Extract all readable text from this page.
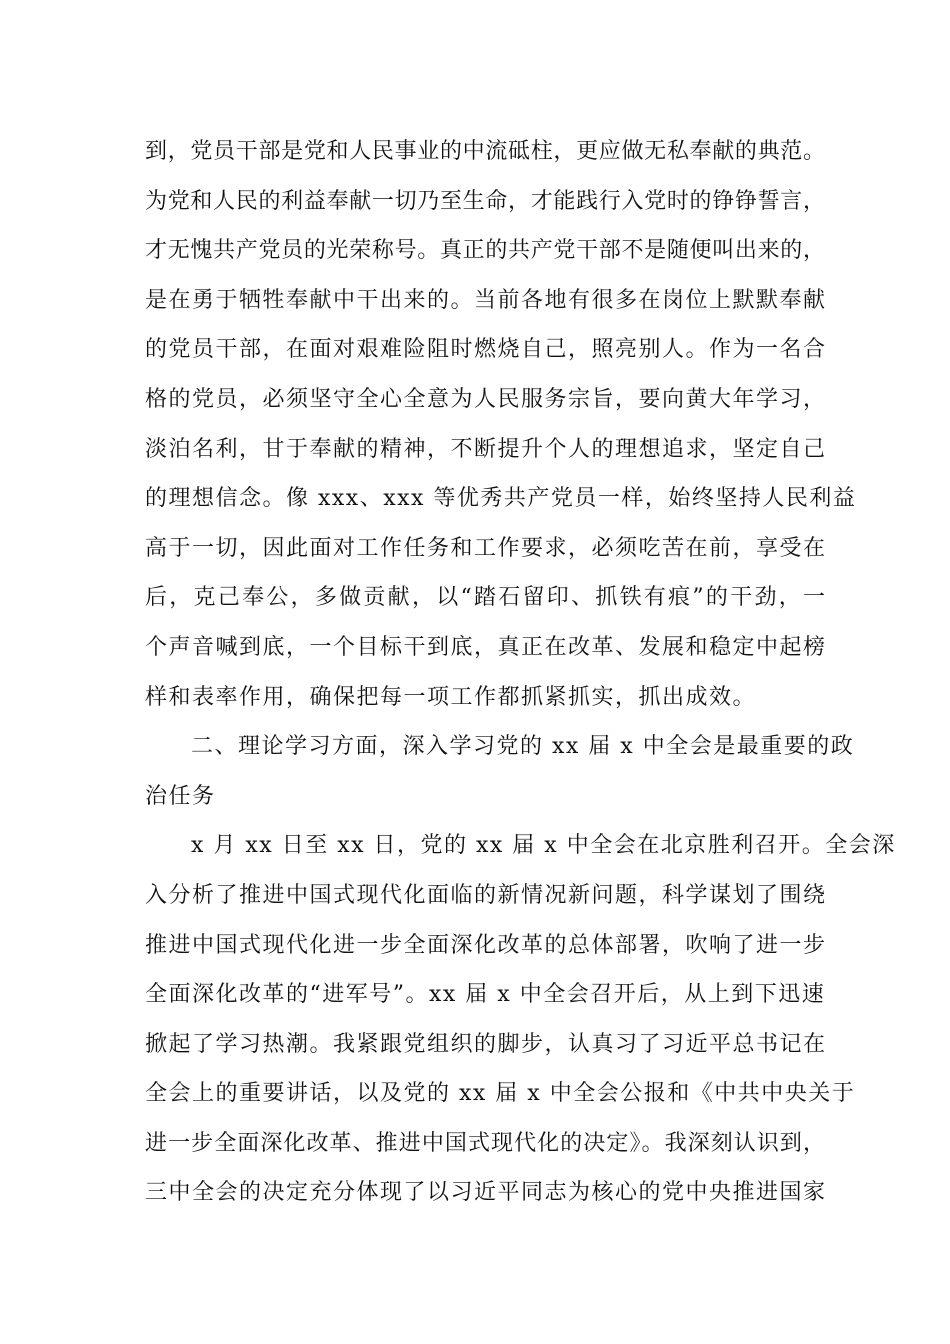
到，党员干部是党和人民事业的中流砥柱，更应做无私奉献的典范。
为党和人民的利益奉献一切乃至生命，才能践行入党时的铮铮誓言，
才无愧共产党员的光荣称号。真正的共产党干部不是随便叫出来的，
是在勇于牺牲奉献中干出来的。当前各地有很多在岗位上默默奉献
的党员干部，在面对艰难险阻时燃烧自己，照亮别人。作为一名合
格的党员，必须坚守全心全意为人民服务宗旨，要向黄大年学习，
淡泊名利，甘于奉献的精神，不断提升个人的理想追求，坚定自己
的理想信念。像 xxx、xxx 等优秀共产党员一样，始终坚持人民利益
高于一切，因此面对工作任务和工作要求，必须吃苦在前，享受在
后，克己奉公，多做贡献，以“踏石留印、抓铁有痕”的干劲，一
个声音喊到底，一个目标干到底，真正在改革、发展和稳定中起榜
样和表率作用，确保把每一项工作都抓紧抓实，抓出成效。
二、理论学习方面，深入学习党的 xx 届 x 中全会是最重要的政
治任务
x 月 xx 日至 xx 日，党的 xx 届 x 中全会在北京胜利召开。全会深
入分析了推进中国式现代化面临的新情况新问题，科学谋划了围绕
推进中国式现代化进一步全面深化改革的总体部署，吹响了进一步
全面深化改革的“进军号”。xx 届 x 中全会召开后，从上到下迅速
掀起了学习热潮。我紧跟党组织的脚步，认真习了习近平总书记在
全会上的重要讲话，以及党的 xx 届 x 中全会公报和《中共中央关于
进一步全面深化改革、推进中国式现代化的决定》。我深刻认识到，
三中全会的决定充分体现了以习近平同志为核心的党中央推进国家
